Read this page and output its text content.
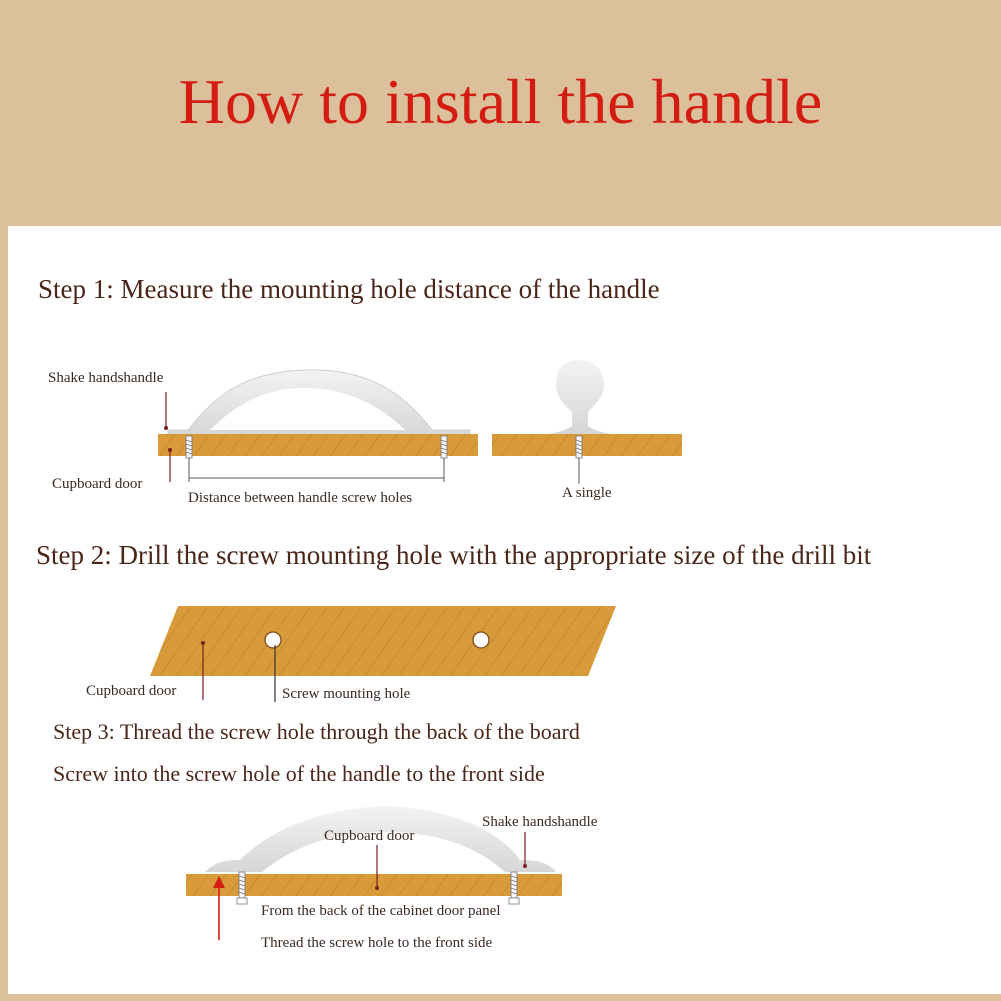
How to install the handle
Step 1: Measure the mounting hole distance of the handle
Step 2: Drill the screw mounting hole with the appropriate size of the drill bit
Step 3: Thread the screw hole through the back of the board
Screw into the screw hole of the handle to the front side
Shake handshandle
Cupboard door
Distance between handle screw holes	A single
Cupboard door	Screw mounting hole
Cupboard door
Shake handshandle
From the back of the cabinet door panel
Thread the screw hole to the front side
